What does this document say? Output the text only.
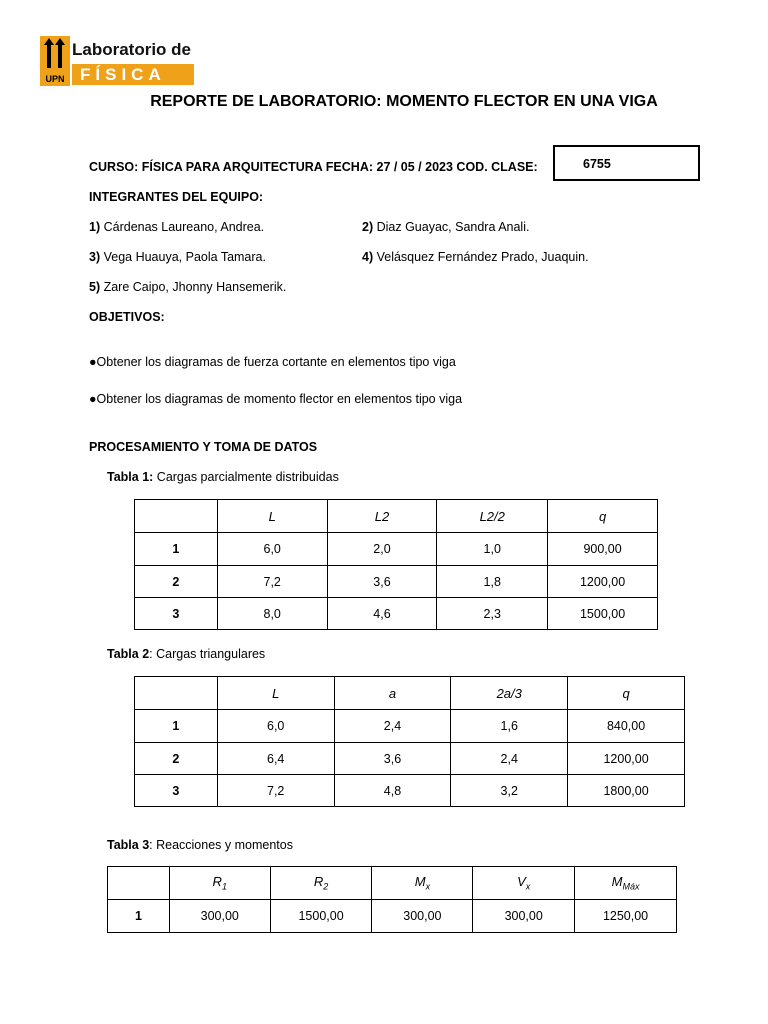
UPN
Laboratorio de
FÍSICA
REPORTE DE LABORATORIO: MOMENTO FLECTOR EN UNA VIGA
CURSO: FÍSICA PARA ARQUITECTURA FECHA: 27 / 05 / 2023 COD. CLASE:	6755
INTEGRANTES DEL EQUIPO:
1) Cárdenas Laureano, Andrea.	2) Diaz Guayac, Sandra Anali.
3) Vega Huauya, Paola Tamara.	4) Velásquez Fernández Prado, Juaquin.
5) Zare Caipo, Jhonny Hansemerik.
OBJETIVOS:
●Obtener los diagramas de fuerza cortante en elementos tipo viga
●Obtener los diagramas de momento flector en elementos tipo viga
PROCESAMIENTO Y TOMA DE DATOS
Tabla 1: Cargas parcialmente distribuidas
	L	L2	L2/2	q
1	6,0	2,0	1,0	900,00
2	7,2	3,6	1,8	1200,00
3	8,0	4,6	2,3	1500,00
Tabla 2: Cargas triangulares
	L	a	2a/3	q
1	6,0	2,4	1,6	840,00
2	6,4	3,6	2,4	1200,00
3	7,2	4,8	3,2	1800,00
Tabla 3: Reacciones y momentos
	$R_1$	$R_2$	$M_x$	$V_x$	$M_{Máx}$
1	300,00	1500,00	300,00	300,00	1250,00
